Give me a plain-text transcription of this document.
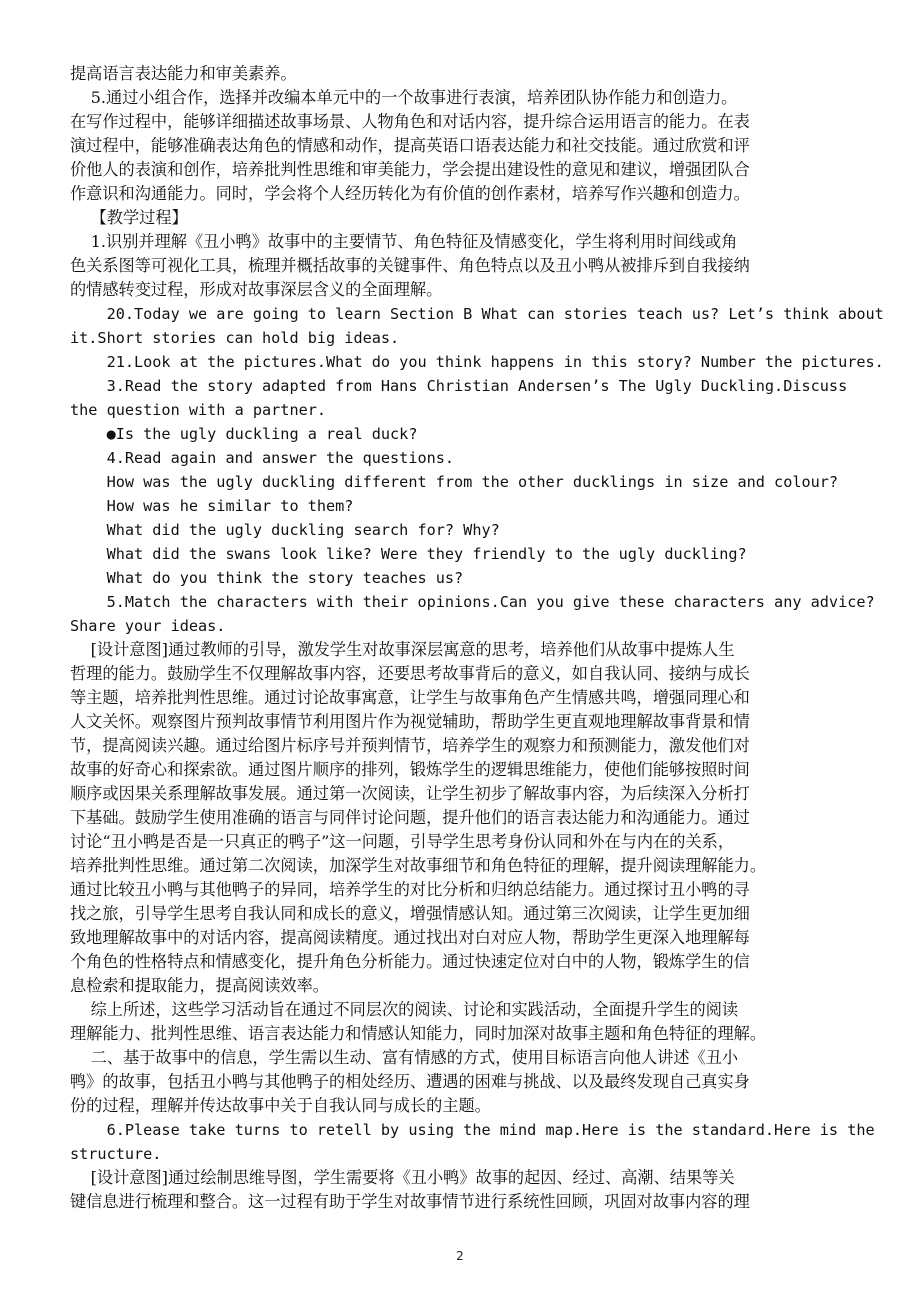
提高语言表达能力和审美素养。
5.通过小组合作，选择并改编本单元中的一个故事进行表演，培养团队协作能力和创造力。
在写作过程中，能够详细描述故事场景、人物角色和对话内容，提升综合运用语言的能力。在表
演过程中，能够准确表达角色的情感和动作，提高英语口语表达能力和社交技能。通过欣赏和评
价他人的表演和创作，培养批判性思维和审美能力，学会提出建设性的意见和建议，增强团队合
作意识和沟通能力。同时，学会将个人经历转化为有价值的创作素材，培养写作兴趣和创造力。
【教学过程】
1.识别并理解《丑小鸭》故事中的主要情节、角色特征及情感变化，学生将利用时间线或角
色关系图等可视化工具，梳理并概括故事的关键事件、角色特点以及丑小鸭从被排斥到自我接纳
的情感转变过程，形成对故事深层含义的全面理解。
20.Today we are going to learn Section B What can stories teach us? Let’s think about
it.Short stories can hold big ideas.
21.Look at the pictures.What do you think happens in this story? Number the pictures.
3.Read the story adapted from Hans Christian Andersen’s The Ugly Duckling.Discuss
the question with a partner.
●Is the ugly duckling a real duck?
4.Read again and answer the questions.
How was the ugly duckling different from the other ducklings in size and colour?
How was he similar to them?
What did the ugly duckling search for? Why?
What did the swans look like? Were they friendly to the ugly duckling?
What do you think the story teaches us?
5.Match the characters with their opinions.Can you give these characters any advice?
Share your ideas.
[设计意图]通过教师的引导，激发学生对故事深层寓意的思考，培养他们从故事中提炼人生
哲理的能力。鼓励学生不仅理解故事内容，还要思考故事背后的意义，如自我认同、接纳与成长
等主题，培养批判性思维。通过讨论故事寓意，让学生与故事角色产生情感共鸣，增强同理心和
人文关怀。观察图片预判故事情节利用图片作为视觉辅助，帮助学生更直观地理解故事背景和情
节，提高阅读兴趣。通过给图片标序号并预判情节，培养学生的观察力和预测能力，激发他们对
故事的好奇心和探索欲。通过图片顺序的排列，锻炼学生的逻辑思维能力，使他们能够按照时间
顺序或因果关系理解故事发展。通过第一次阅读，让学生初步了解故事内容，为后续深入分析打
下基础。鼓励学生使用准确的语言与同伴讨论问题，提升他们的语言表达能力和沟通能力。通过
讨论“丑小鸭是否是一只真正的鸭子”这一问题，引导学生思考身份认同和外在与内在的关系，
培养批判性思维。通过第二次阅读，加深学生对故事细节和角色特征的理解，提升阅读理解能力。
通过比较丑小鸭与其他鸭子的异同，培养学生的对比分析和归纳总结能力。通过探讨丑小鸭的寻
找之旅，引导学生思考自我认同和成长的意义，增强情感认知。通过第三次阅读，让学生更加细
致地理解故事中的对话内容，提高阅读精度。通过找出对白对应人物，帮助学生更深入地理解每
个角色的性格特点和情感变化，提升角色分析能力。通过快速定位对白中的人物，锻炼学生的信
息检索和提取能力，提高阅读效率。
综上所述，这些学习活动旨在通过不同层次的阅读、讨论和实践活动，全面提升学生的阅读
理解能力、批判性思维、语言表达能力和情感认知能力，同时加深对故事主题和角色特征的理解。
二、基于故事中的信息，学生需以生动、富有情感的方式，使用目标语言向他人讲述《丑小
鸭》的故事，包括丑小鸭与其他鸭子的相处经历、遭遇的困难与挑战、以及最终发现自己真实身
份的过程，理解并传达故事中关于自我认同与成长的主题。
6.Please take turns to retell by using the mind map.Here is the standard.Here is the
structure.
[设计意图]通过绘制思维导图，学生需要将《丑小鸭》故事的起因、经过、高潮、结果等关
键信息进行梳理和整合。这一过程有助于学生对故事情节进行系统性回顾，巩固对故事内容的理
2
